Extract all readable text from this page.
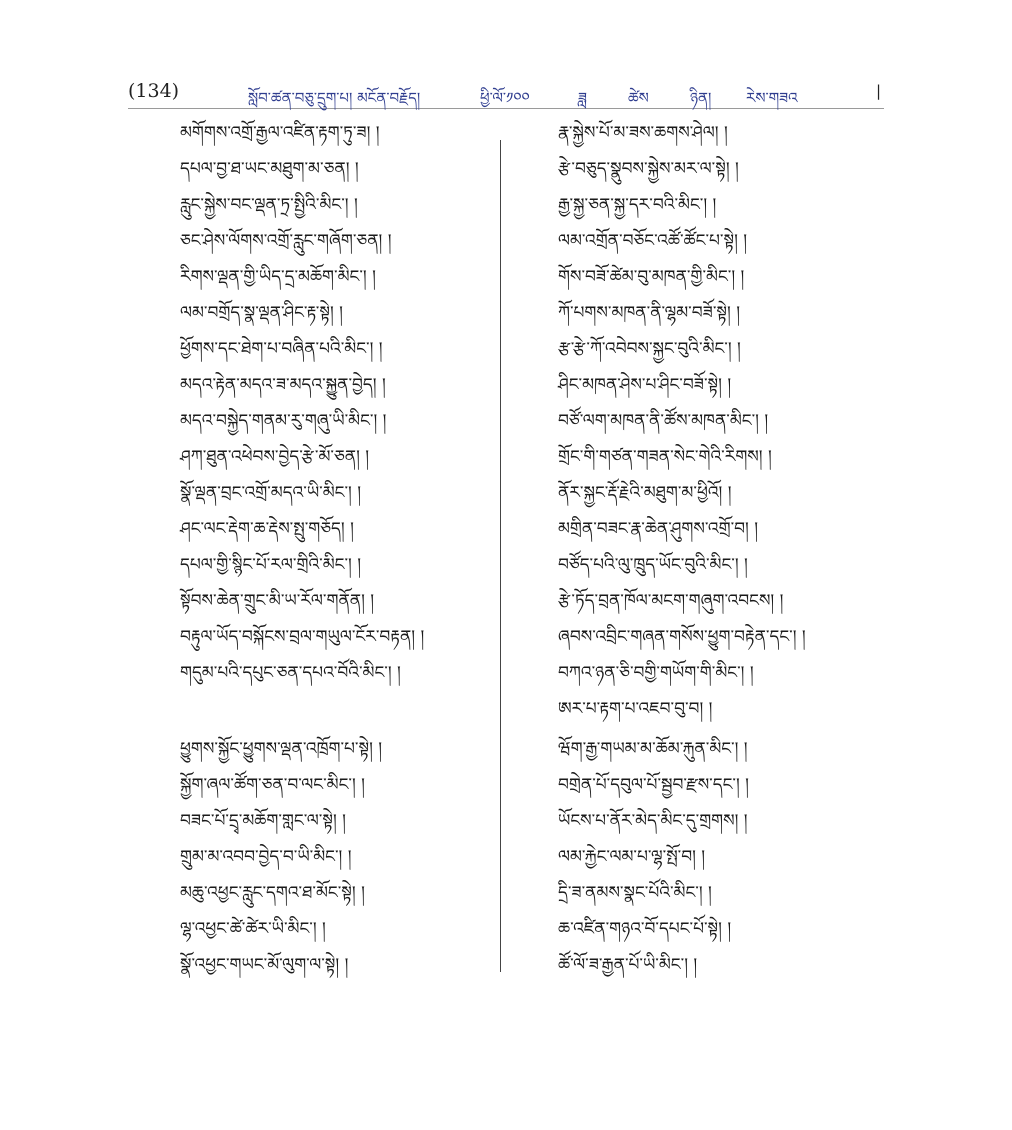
(134)	སློབ་ཚན་བཅུ་དྲུག་པ། མངོན་བརྗོད།	ཕྱི་ལོ་༡༠༠	ཟླ	ཚེས	ཉིན། རེས་གཟའ	|
མགོགས་འགྲོ་རྒྱལ་འཛིན་རྟག་ཏུ་ཟ། །
དཔལ་བྱ་ཐ་ཡང་མཐུག་མ་ཅན། །
རླུང་སྐྱེས་བང་ལྡན་ཏྲ་སྤྱིའི་མིང་། །
ཅང་ཤེས་ལོགས་འགྲོ་རླུང་གཞོག་ཅན། །
རིགས་ལྡན་གྱི་ཡིད་དྲ་མཆོག་མིང་། །
ལམ་བགྲོད་སྣ་ལྡན་ཤིང་རྟ་སྟེ། །
ཕྱོགས་དང་ཐེག་པ་བཞིན་པའི་མིང་། །
མདའ་རྟེན་མདའ་ཟ་མདའ་སྐྱུན་བྱེད། །
མདའ་བསྐྱེད་གནམ་རུ་གཞུ་ཡི་མིང་། །
ཤཀ་ཐུན་འཕེབས་བྱེད་རྩེ་མོ་ཅན། །
སྣོ་ལྡན་བྲང་འགྲོ་མདའ་ཡི་མིང་། །
ཤང་ལང་རྡེག་ཆ་རྡེས་སྤུ་གཅོད། །
དཔལ་གྱི་སྙིང་པོ་རལ་གྲིའི་མིང་། །
སྟོབས་ཆེན་གྲུང་མི་ཡ་རོལ་གནོན། །
བརྟུལ་ཡོད་བསྐོངས་བྲལ་གཡུལ་ངོར་བརྟན། །
གདུམ་པའི་དཔུང་ཅན་དཔའ་བོའི་མིང་། །
ཕྱུགས་སྐྱོང་ཕྱུགས་ལྡན་འཁྲོག་པ་སྟེ། །
སྐྱོག་ཞལ་ཚོག་ཅན་བ་ལང་མིང་། །
བཟང་པོ་དྲྭ་མཆོག་གླང་ལ་སྟེ། །
གྲུམ་མ་འབབ་བྱེད་བ་ཡི་མིང་། །
མཆུ་འཕྱང་རླུང་དགའ་ཐ་མོང་སྟེ། །
ལྷ་འཕྱང་ཚེ་ཚེར་ཡི་མིང་། །
སྣོ་འཕྱང་གཡང་མོ་ལུག་ལ་སྟེ། །
རྣ་སྐྱེས་པོ་མ་ཟས་ཆགས་ཤེལ། །
རྩེ་བཅུད་སྣུབས་སྐྱེས་མར་ལ་སྟེ། །
རྒྱ་སྐྱ་ཅན་སྐྱ་དར་བའི་མིང་། །
ལམ་འགྲོན་བཅོང་འཚོ་ཚོང་པ་སྟེ། །
གོས་བཟོ་ཚེམ་བུ་མཁན་གྱི་མིང་། །
ཀོ་པགས་མཁན་ནི་ལྷམ་བཟོ་སྟེ། །
རྩ་རྩེ་ཀོ་འབེབས་སྐྱང་བུའི་མིང་། །
ཤིང་མཁན་ཤེས་པ་ཤིང་བཟོ་སྟེ། །
བཙོ་ལག་མཁན་ནི་ཚོས་མཁན་མིང་། །
གྲོང་གི་གཙན་གཟན་སེང་གེའི་རིགས། །
ནོར་སྐྱང་རྡོ་རྗེའི་མཐུག་མ་ཕྱིའོ། །
མགྲིན་བཟང་རྣ་ཆེན་ཤུགས་འགྲོ་བ། །
བཙོད་པའི་ལུ་ཁྲུད་ཡོང་བུའི་མིང་། །
རྩེ་ཏོད་བྲན་ཁོལ་མངག་གཞུག་འབངས། །
ཞབས་འབྲིང་གཞན་གསོས་ཕྱུག་བརྟེན་དང་། །
བཀའ་ཉན་ཅི་བགྱི་གཡོག་གི་མིང་། །
ཨར་པ་རྟག་པ་འཇབ་བུ་བ། །
ཝོག་རྒྱ་གཡམ་མ་ཆོམ་རྐུན་མིང་། །
བགྲེན་པོ་དབུལ་པོ་སྦྱབ་རྫས་དང་། །
ཡོངས་པ་ནོར་མེད་མིང་དུ་གྲགས། །
ལམ་རྐྱེང་ལམ་པ་ལྷ་སྤོ་བ། །
དྲི་ཟ་ནམས་སྣང་པོའི་མིང་། །
ཆ་འཛིན་གཉའ་བོ་དཔང་པོ་སྟེ། །
ཚོ་ལོ་ཟ་རྒྱན་པོ་ཡི་མིང་། །
